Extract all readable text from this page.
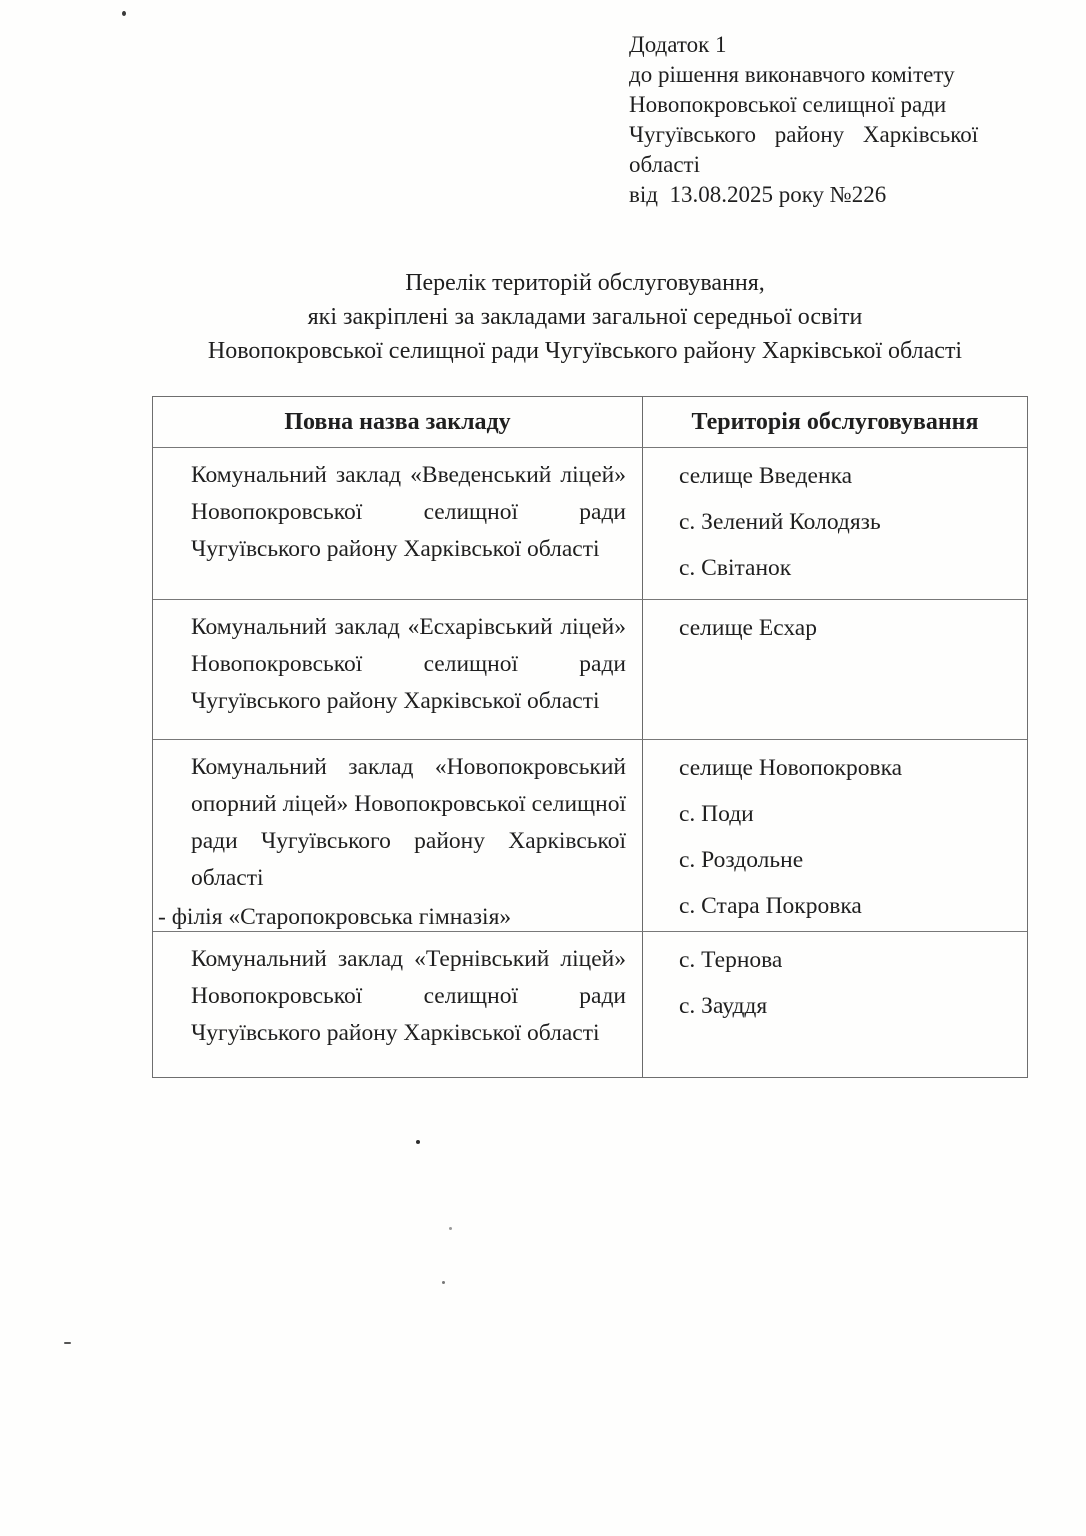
Додаток 1
до рішення виконавчого комітету
Новопокровської селищної ради
Чугуївського району Харківської
області
від  13.08.2025 року №226
Перелік територій обслуговування,
які закріплені за закладами загальної середньої освіти
Новопокровської селищної ради Чугуївського району Харківської області
Повна назва закладу	Територія обслуговування
Комунальний заклад «Введенський ліцей» Новопокровської селищної ради Чугуївського району Харківської області
селище Введенка
с. Зелений Колодязь
с. Світанок
Комунальний заклад «Есхарівський ліцей» Новопокровської селищної ради Чугуївського району Харківської області
селище Есхар
Комунальний заклад «Новопокровський опорний ліцей» Новопокровської селищної ради Чугуївського району Харківської області
- філія «Старопокровська гімназія»
селище Новопокровка
с. Поди
с. Роздольне
с. Стара Покровка
Комунальний заклад «Тернівський ліцей» Новопокровської селищної ради Чугуївського району Харківської області
с. Тернова
с. Зауддя
